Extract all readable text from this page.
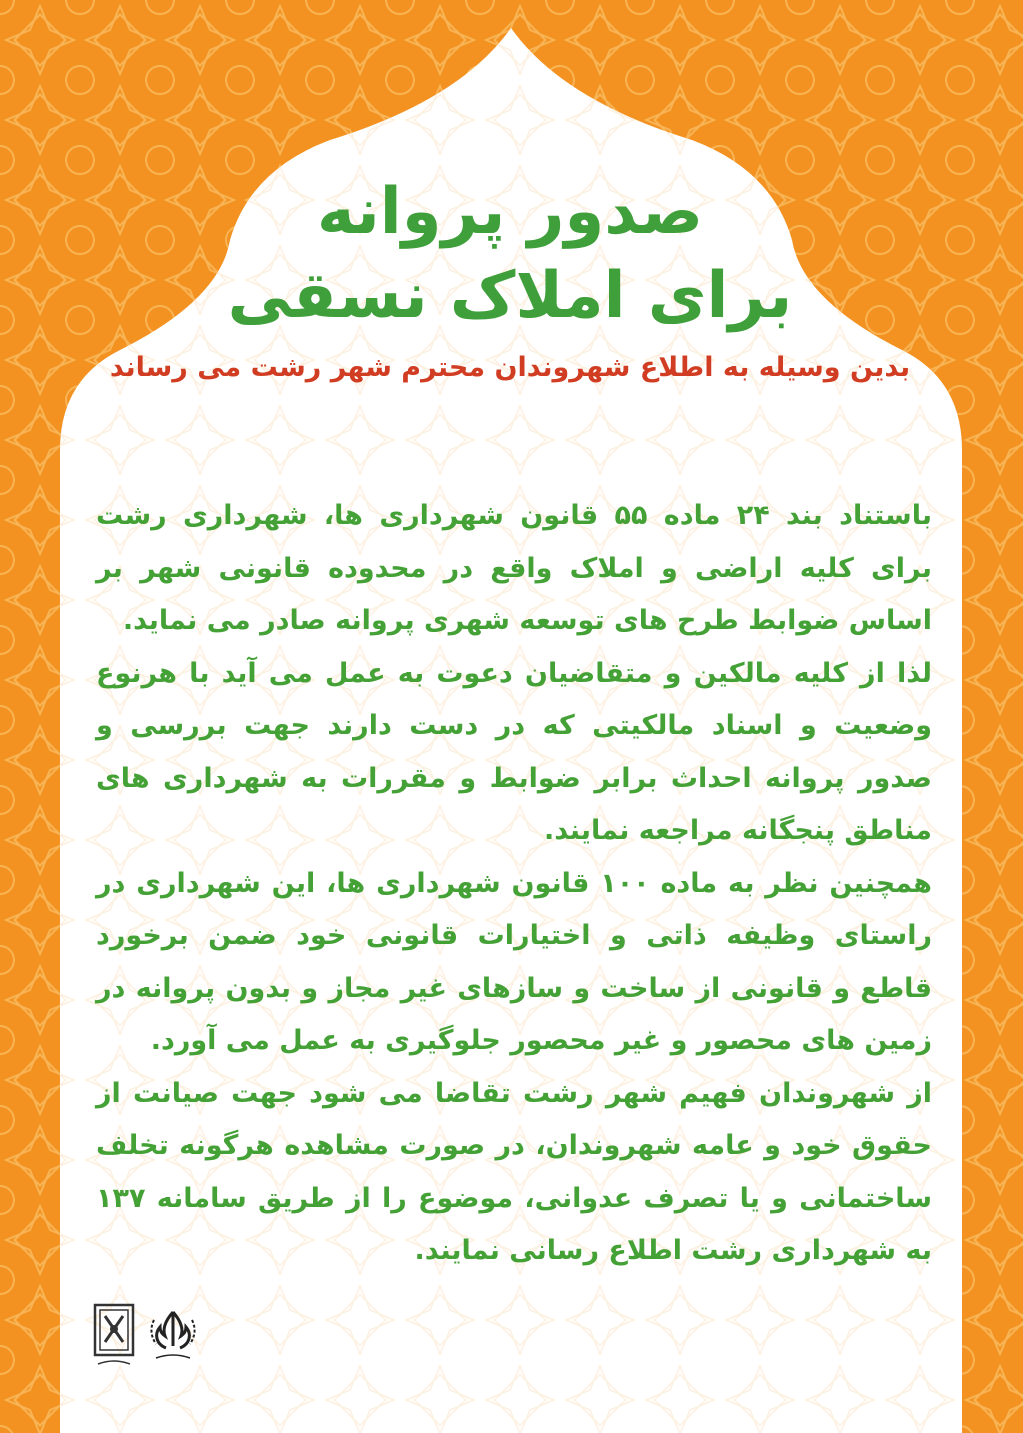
صدور پروانه
برای املاک نسقی
بدین وسیله به اطلاع شهروندان محترم شهر رشت می رساند

باستناد بند ۲۴ ماده ۵۵ قانون شهرداری ها، شهرداری رشت برای کلیه اراضی و املاک واقع در محدوده قانونی شهر بر اساس ضوابط طرح های توسعه شهری پروانه صادر می نماید.

لذا از کلیه مالکین و متقاضیان دعوت به عمل می آید با هرنوع وضعیت و اسناد مالکیتی که در دست دارند جهت بررسی و صدور پروانه احداث برابر ضوابط و مقررات به شهرداری های مناطق پنجگانه مراجعه نمایند.

همچنین نظر به ماده ۱۰۰ قانون شهرداری ها، این شهرداری در راستای وظیفه ذاتی و اختیارات قانونی خود ضمن برخورد قاطع و قانونی از ساخت و سازهای غیر مجاز و بدون پروانه در زمین های محصور و غیر محصور جلوگیری به عمل می آورد.

از شهروندان فهیم شهر رشت تقاضا می شود جهت صیانت از حقوق خود و عامه شهروندان، در صورت مشاهده هرگونه تخلف ساختمانی و یا تصرف عدوانی، موضوع را از طریق سامانه ۱۳۷ به شهرداری رشت اطلاع رسانی نمایند.
